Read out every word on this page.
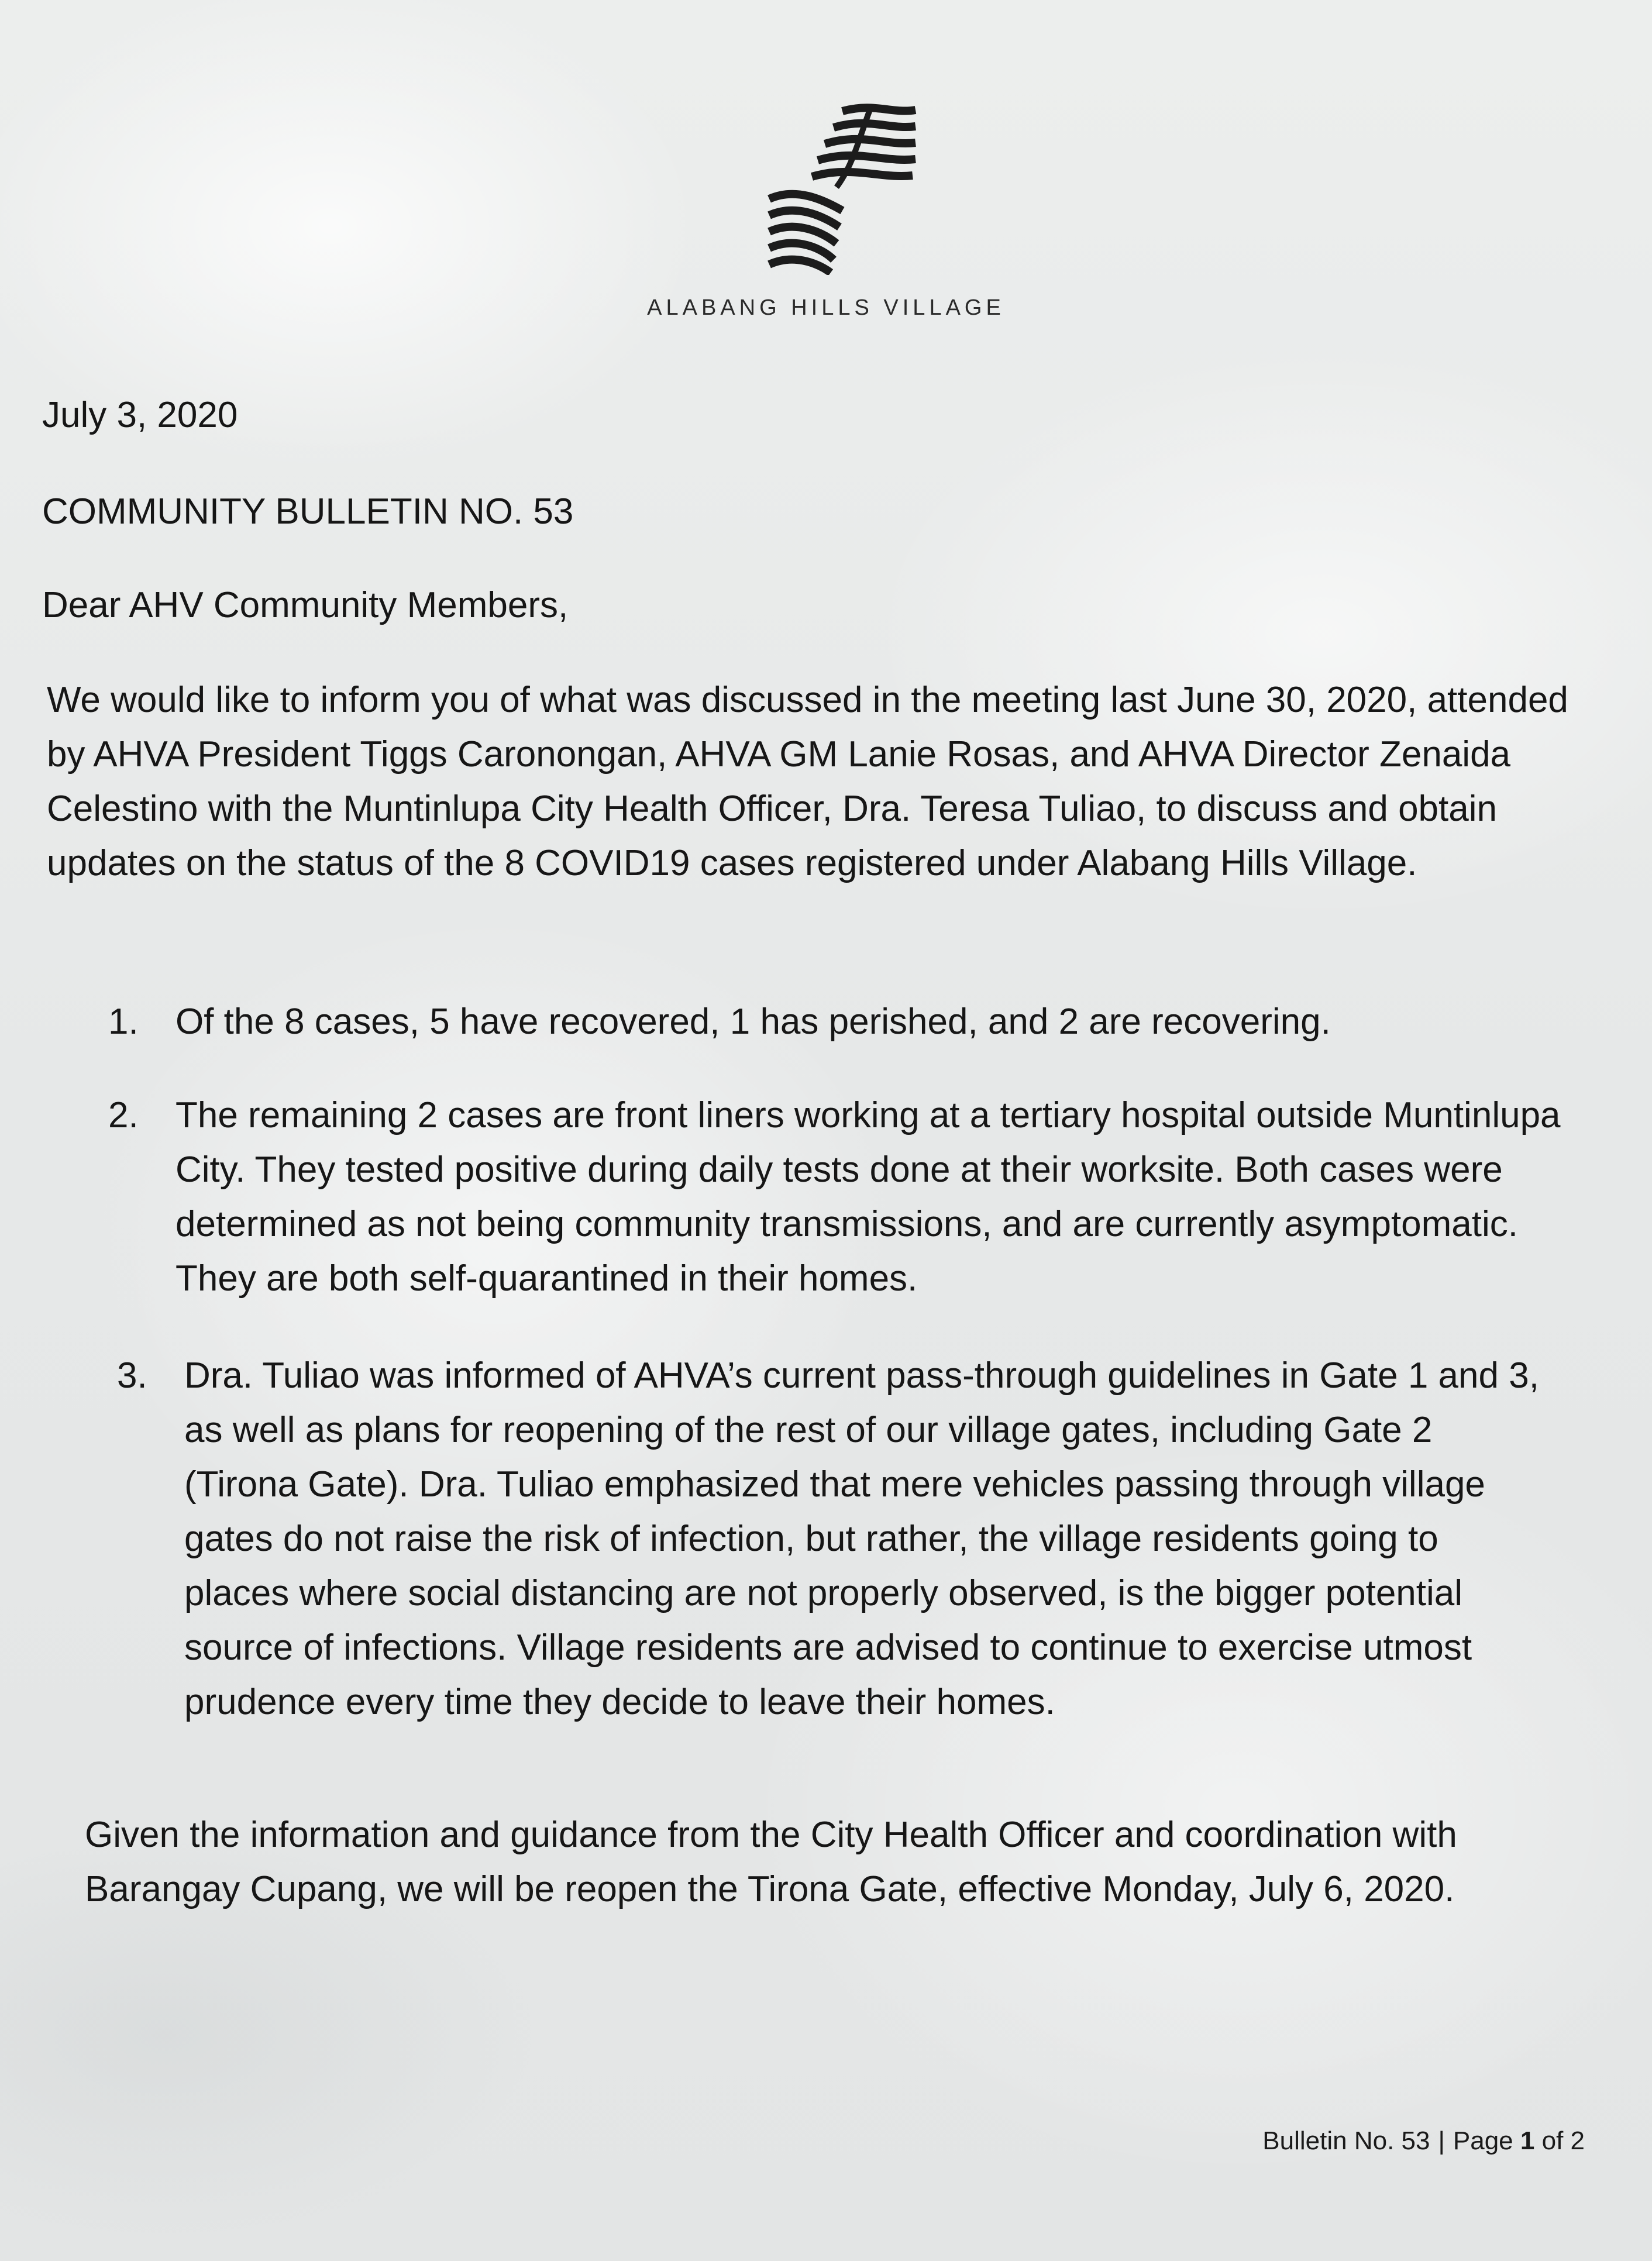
ALABANG HILLS VILLAGE
July 3, 2020
COMMUNITY BULLETIN NO. 53
Dear AHV Community Members,
We would like to inform you of what was discussed in the meeting last June 30, 2020, attended by AHVA President Tiggs Caronongan, AHVA GM Lanie Rosas, and AHVA Director Zenaida Celestino with the Muntinlupa City Health Officer, Dra. Teresa Tuliao, to discuss and obtain updates on the status of the 8 COVID19 cases registered under Alabang Hills Village.
1.	Of the 8 cases, 5 have recovered, 1 has perished, and 2 are recovering.
2.	The remaining 2 cases are front liners working at a tertiary hospital outside Muntinlupa City. They tested positive during daily tests done at their worksite. Both cases were determined as not being community transmissions, and are currently asymptomatic. They are both self-quarantined in their homes.
3.	Dra. Tuliao was informed of AHVA’s current pass-through guidelines in Gate 1 and 3, as well as plans for reopening of the rest of our village gates, including Gate 2 (Tirona Gate). Dra. Tuliao emphasized that mere vehicles passing through village gates do not raise the risk of infection, but rather, the village residents going to places where social distancing are not properly observed, is the bigger potential source of infections. Village residents are advised to continue to exercise utmost prudence every time they decide to leave their homes.
Given the information and guidance from the City Health Officer and coordination with Barangay Cupang, we will be reopen the Tirona Gate, effective Monday, July 6, 2020.
Bulletin No. 53 | Page 1 of 2
